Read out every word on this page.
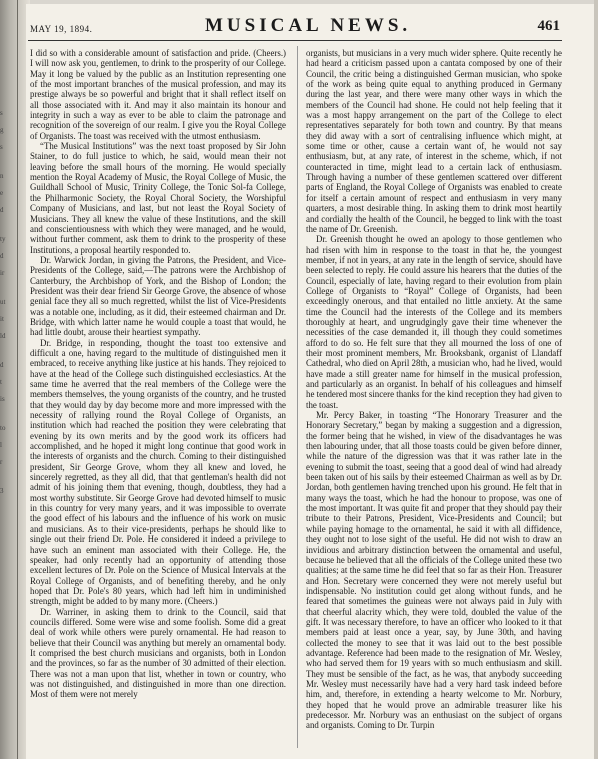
s
g
s
n
e
d
ty
d
ir
ut
it
ld
d
t
is
to
l
r
3
MAY 19, 1894.	MUSICAL NEWS.	461

I did so with a considerable amount of satisfaction and pride. (Cheers.) I will now ask you, gentlemen, to drink to the prosperity of our College. May it long be valued by the public as an Institution representing one of the most important branches of the musical profession, and may its prestige always be so powerful and bright that it shall reflect itself on all those associated with it. And may it also maintain its honour and integrity in such a way as ever to be able to claim the patronage and recognition of the sovereign of our realm. I give you the Royal College of Organists. The toast was received with the utmost enthusiasm.

“The Musical Institutions” was the next toast proposed by Sir John Stainer, to do full justice to which, he said, would mean their not leaving before the small hours of the morning. He would specially mention the Royal Academy of Music, the Royal College of Music, the Guildhall School of Music, Trinity College, the Tonic Sol-fa College, the Philharmonic Society, the Royal Choral Society, the Worshipful Company of Musicians, and last, but not least the Royal Society of Musicians. They all knew the value of these Institutions, and the skill and conscientiousness with which they were managed, and he would, without further comment, ask them to drink to the prosperity of these Institutions, a proposal heartily responded to.

Dr. Warwick Jordan, in giving the Patrons, the President, and Vice-Presidents of the College, said,—The patrons were the Archbishop of Canterbury, the Archbishop of York, and the Bishop of London; the President was their dear friend Sir George Grove, the absence of whose genial face they all so much regretted, whilst the list of Vice-Presidents was a notable one, including, as it did, their esteemed chairman and Dr. Bridge, with which latter name he would couple a toast that would, he had little doubt, arouse their heartiest sympathy.

Dr. Bridge, in responding, thought the toast too extensive and difficult a one, having regard to the multitude of distinguished men it embraced, to receive anything like justice at his hands. They rejoiced to have at the head of the College such distinguished ecclesiastics. At the same time he averred that the real members of the College were the members themselves, the young organists of the country, and he trusted that they would day by day become more and more impressed with the necessity of rallying round the Royal College of Organists, an institution which had reached the position they were celebrating that evening by its own merits and by the good work its officers had accomplished, and he hoped it might long continue that good work in the interests of organists and the church. Coming to their distinguished president, Sir George Grove, whom they all knew and loved, he sincerely regretted, as they all did, that that gentleman's health did not admit of his joining them that evening, though, doubtless, they had a most worthy substitute. Sir George Grove had devoted himself to music in this country for very many years, and it was impossible to overrate the good effect of his labours and the influence of his work on music and musicians. As to their vice-presidents, perhaps he should like to single out their friend Dr. Pole. He considered it indeed a privilege to have such an eminent man associated with their College. He, the speaker, had only recently had an opportunity of attending those excellent lectures of Dr. Pole on the Science of Musical Intervals at the Royal College of Organists, and of benefiting thereby, and he only hoped that Dr. Pole's 80 years, which had left him in undiminished strength, might be added to by many more. (Cheers.)

Dr. Warriner, in asking them to drink to the Council, said that councils differed. Some were wise and some foolish. Some did a great deal of work while others were purely ornamental. He had reason to believe that their Council was anything but merely an ornamental body. It comprised the best church musicians and organists, both in London and the provinces, so far as the number of 30 admitted of their election. There was not a man upon that list, whether in town or country, who was not distinguished, and distinguished in more than one direction. Most of them were not merely

organists, but musicians in a very much wider sphere. Quite recently he had heard a criticism passed upon a cantata composed by one of their Council, the critic being a distinguished German musician, who spoke of the work as being quite equal to anything produced in Germany during the last year, and there were many other ways in which the members of the Council had shone. He could not help feeling that it was a most happy arrangement on the part of the College to elect representatives separately for both town and country. By that means they did away with a sort of centralising influence which might, at some time or other, cause a certain want of, he would not say enthusiasm, but, at any rate, of interest in the scheme, which, if not counteracted in time, might lead to a certain lack of enthusiasm. Through having a number of these gentlemen scattered over different parts of England, the Royal College of Organists was enabled to create for itself a certain amount of respect and enthusiasm in very many quarters, a most desirable thing. In asking them to drink most heartily and cordially the health of the Council, he begged to link with the toast the name of Dr. Greenish.

Dr. Greenish thought he owed an apology to those gentlemen who had risen with him in response to the toast in that he, the youngest member, if not in years, at any rate in the length of service, should have been selected to reply. He could assure his hearers that the duties of the Council, especially of late, having regard to their evolution from plain College of Organists to “Royal” College of Organists, had been exceedingly onerous, and that entailed no little anxiety. At the same time the Council had the interests of the College and its members thoroughly at heart, and ungrudgingly gave their time whenever the necessities of the case demanded it, ill though they could sometimes afford to do so. He felt sure that they all mourned the loss of one of their most prominent members, Mr. Brooksbank, organist of Llandaff Cathedral, who died on April 28th, a musician who, had he lived, would have made a still greater name for himself in the musical profession, and particularly as an organist. In behalf of his colleagues and himself he tendered most sincere thanks for the kind reception they had given to the toast.

Mr. Percy Baker, in toasting “The Honorary Treasurer and the Honorary Secretary,” began by making a suggestion and a digression, the former being that he wished, in view of the disadvantages he was then labouring under, that all those toasts could be given before dinner, while the nature of the digression was that it was rather late in the evening to submit the toast, seeing that a good deal of wind had already been taken out of his sails by their esteemed Chairman as well as by Dr. Jordan, both gentlemen having trenched upon his ground. He felt that in many ways the toast, which he had the honour to propose, was one of the most important. It was quite fit and proper that they should pay their tribute to their Patrons, President, Vice-Presidents and Council; but while paying homage to the ornamental, he said it with all diffidence, they ought not to lose sight of the useful. He did not wish to draw an invidious and arbitrary distinction between the ornamental and useful, because he believed that all the officials of the College united these two qualities; at the same time he did feel that so far as their Hon. Treasurer and Hon. Secretary were concerned they were not merely useful but indispensable. No institution could get along without funds, and he feared that sometimes the guineas were not always paid in July with that cheerful alacrity which, they were told, doubled the value of the gift. It was necessary therefore, to have an officer who looked to it that members paid at least once a year, say, by June 30th, and having collected the money to see that it was laid out to the best possible advantage. Reference had been made to the resignation of Mr. Wesley, who had served them for 19 years with so much enthusiasm and skill. They must be sensible of the fact, as he was, that anybody succeeding Mr. Wesley must necessarily have had a very hard task indeed before him, and, therefore, in extending a hearty welcome to Mr. Norbury, they hoped that he would prove an admirable treasurer like his predecessor. Mr. Norbury was an enthusiast on the subject of organs and organists. Coming to Dr. Turpin
